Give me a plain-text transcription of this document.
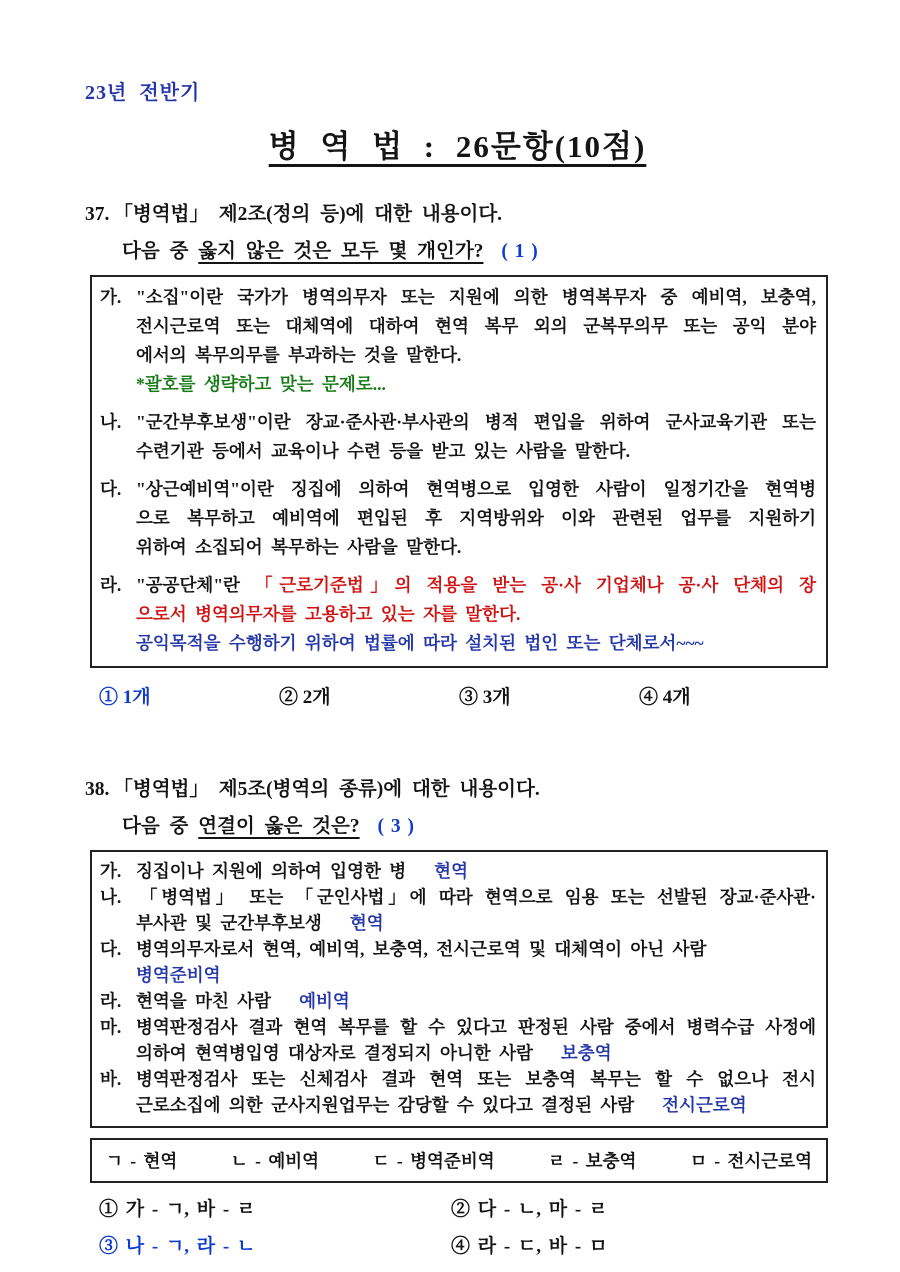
23년 전반기
병 역 법 : 26문항(10점)
37. 「병역법」 제2조(정의 등)에 대한 내용이다.
다음 중 옳지 않은 것은 모두 몇 개인가? ( 1 )
가. "소집"이란 국가가 병역의무자 또는 지원에 의한 병역복무자 중 예비역, 보충역,
전시근로역 또는 대체역에 대하여 현역 복무 외의 군복무의무 또는 공익 분야
에서의 복무의무를 부과하는 것을 말한다.
*괄호를 생략하고 맞는 문제로...
나. "군간부후보생"이란 장교·준사관·부사관의 병적 편입을 위하여 군사교육기관 또는
수련기관 등에서 교육이나 수련 등을 받고 있는 사람을 말한다.
다. "상근예비역"이란 징집에 의하여 현역병으로 입영한 사람이 일정기간을 현역병
으로 복무하고 예비역에 편입된 후 지역방위와 이와 관련된 업무를 지원하기
위하여 소집되어 복무하는 사람을 말한다.
라. "공공단체"란 「근로기준법」의 적용을 받는 공·사 기업체나 공·사 단체의 장
으로서 병역의무자를 고용하고 있는 자를 말한다.
공익목적을 수행하기 위하여 법률에 따라 설치된 법인 또는 단체로서~~~
① 1개	② 2개	③ 3개	④ 4개
38. 「병역법」 제5조(병역의 종류)에 대한 내용이다.
다음 중 연결이 옳은 것은? ( 3 )
가. 징집이나 지원에 의하여 입영한 병 현역
나. 「병역법」 또는 「군인사법」에 따라 현역으로 임용 또는 선발된 장교·준사관·
부사관 및 군간부후보생 현역
다. 병역의무자로서 현역, 예비역, 보충역, 전시근로역 및 대체역이 아닌 사람
병역준비역
라. 현역을 마친 사람 예비역
마. 병역판정검사 결과 현역 복무를 할 수 있다고 판정된 사람 중에서 병력수급 사정에
의하여 현역병입영 대상자로 결정되지 아니한 사람 보충역
바. 병역판정검사 또는 신체검사 결과 현역 또는 보충역 복무는 할 수 없으나 전시
근로소집에 의한 군사지원업무는 감당할 수 있다고 결정된 사람 전시근로역
ㄱ - 현역	ㄴ - 예비역	ㄷ - 병역준비역	ㄹ - 보충역	ㅁ - 전시근로역
① 가 - ㄱ, 바 - ㄹ	② 다 - ㄴ, 마 - ㄹ
③ 나 - ㄱ, 라 - ㄴ	④ 라 - ㄷ, 바 - ㅁ
